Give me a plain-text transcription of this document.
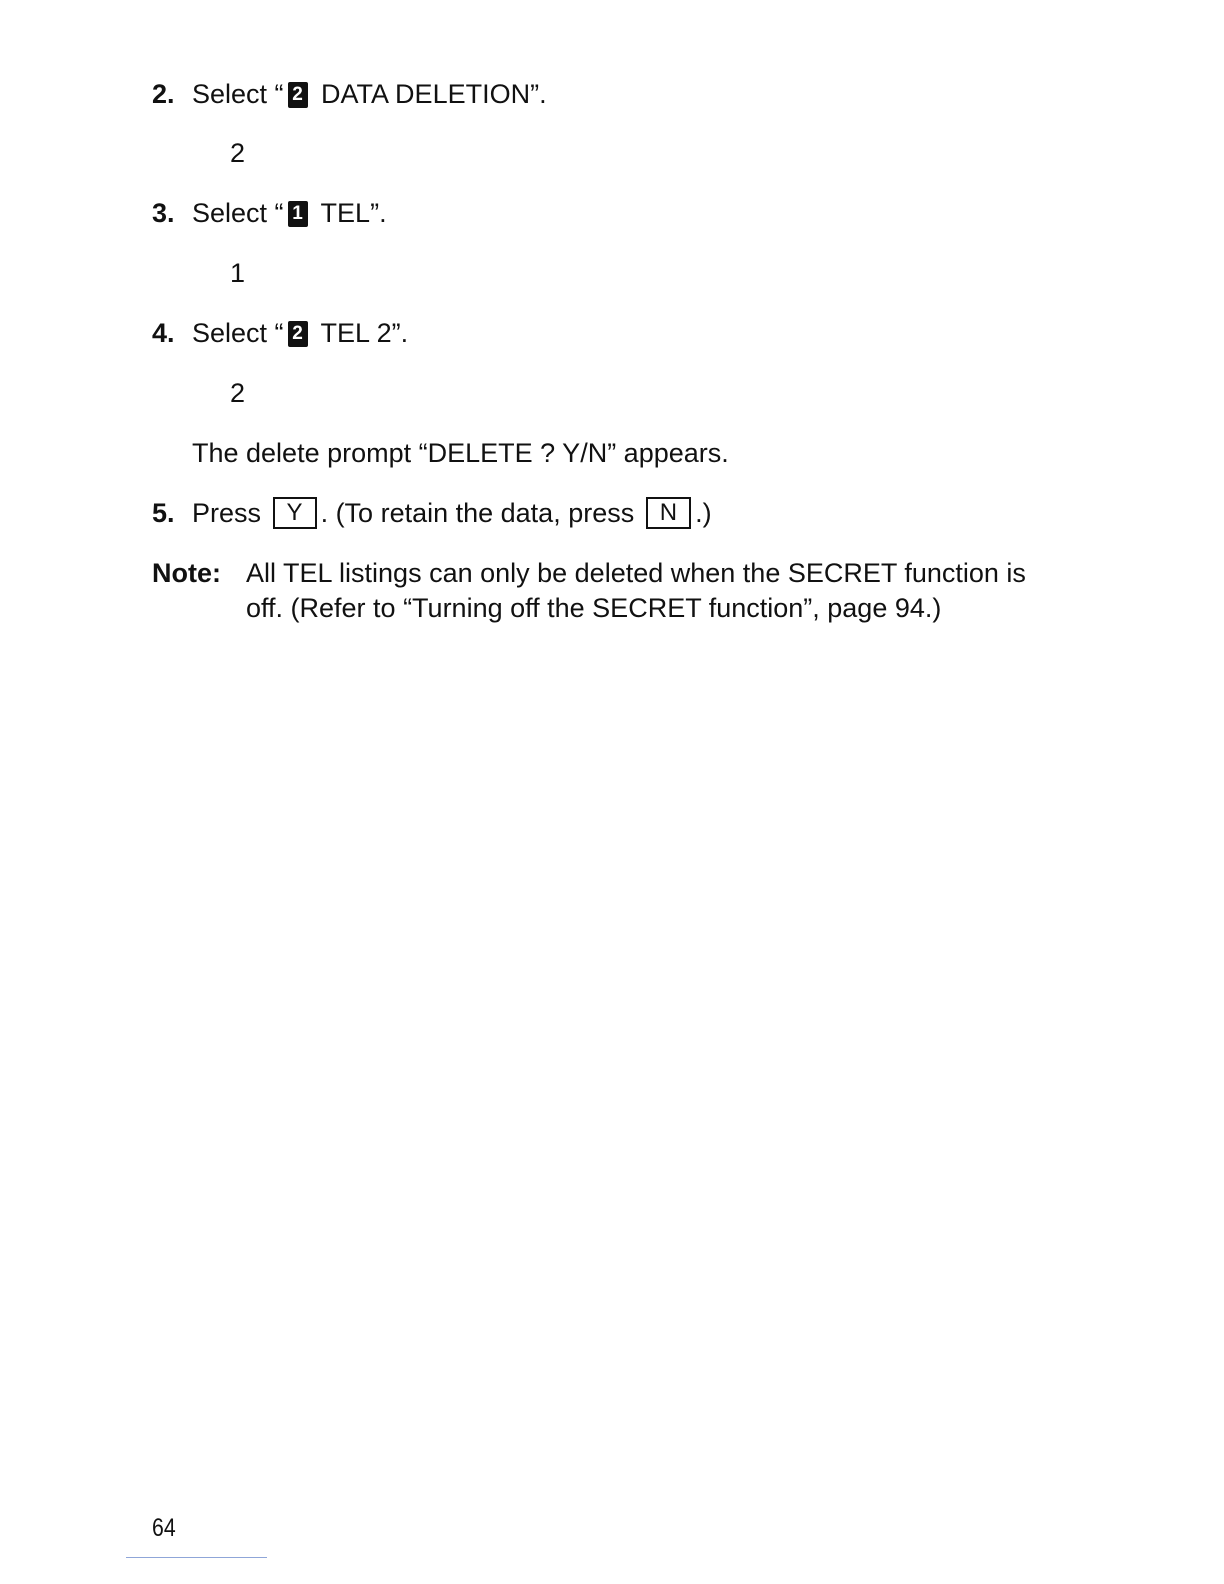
2. Select “ 2 DATA DELETION”.
2
3. Select “ 1 TEL”.
1
4. Select “ 2 TEL 2”.
2
The delete prompt “DELETE ? Y/N” appears.
5. Press Y . (To retain the data, press N .)
Note: All TEL listings can only be deleted when the SECRET function is off. (Refer to “Turning off the SECRET function”, page 94.)
64
